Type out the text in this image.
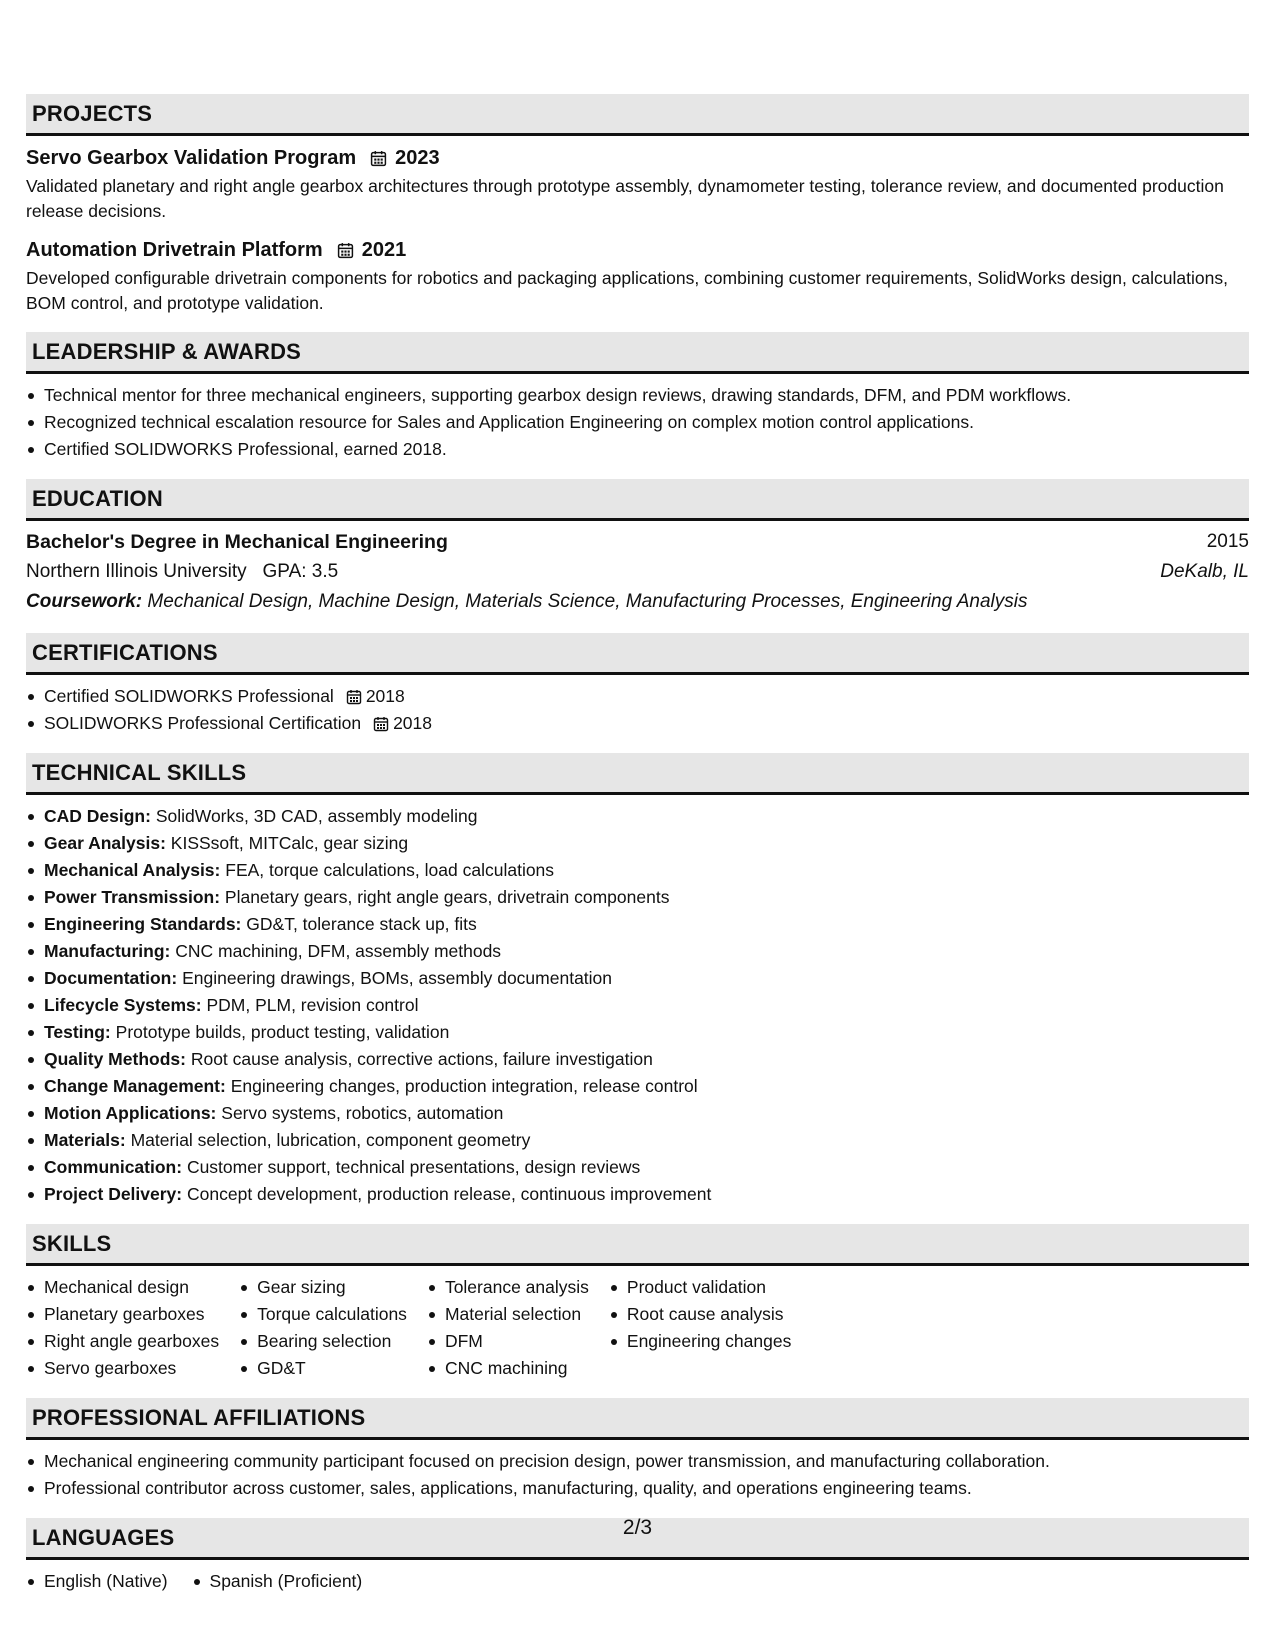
PROJECTS
Servo Gearbox Validation Program 2023
Validated planetary and right angle gearbox architectures through prototype assembly, dynamometer testing, tolerance review, and documented production release decisions.
Automation Drivetrain Platform 2021
Developed configurable drivetrain components for robotics and packaging applications, combining customer requirements, SolidWorks design, calculations, BOM control, and prototype validation.
LEADERSHIP & AWARDS
Technical mentor for three mechanical engineers, supporting gearbox design reviews, drawing standards, DFM, and PDM workflows.
Recognized technical escalation resource for Sales and Application Engineering on complex motion control applications.
Certified SOLIDWORKS Professional, earned 2018.
EDUCATION
Bachelor's Degree in Mechanical Engineering	2015
Northern Illinois University GPA: 3.5	DeKalb, IL
Coursework: Mechanical Design, Machine Design, Materials Science, Manufacturing Processes, Engineering Analysis
CERTIFICATIONS
Certified SOLIDWORKS Professional 2018
SOLIDWORKS Professional Certification 2018
TECHNICAL SKILLS
CAD Design: SolidWorks, 3D CAD, assembly modeling
Gear Analysis: KISSsoft, MITCalc, gear sizing
Mechanical Analysis: FEA, torque calculations, load calculations
Power Transmission: Planetary gears, right angle gears, drivetrain components
Engineering Standards: GD&T, tolerance stack up, fits
Manufacturing: CNC machining, DFM, assembly methods
Documentation: Engineering drawings, BOMs, assembly documentation
Lifecycle Systems: PDM, PLM, revision control
Testing: Prototype builds, product testing, validation
Quality Methods: Root cause analysis, corrective actions, failure investigation
Change Management: Engineering changes, production integration, release control
Motion Applications: Servo systems, robotics, automation
Materials: Material selection, lubrication, component geometry
Communication: Customer support, technical presentations, design reviews
Project Delivery: Concept development, production release, continuous improvement
SKILLS
Mechanical design
Planetary gearboxes
Right angle gearboxes
Servo gearboxes
Gear sizing
Torque calculations
Bearing selection
GD&T
Tolerance analysis
Material selection
DFM
CNC machining
Product validation
Root cause analysis
Engineering changes
PROFESSIONAL AFFILIATIONS
Mechanical engineering community participant focused on precision design, power transmission, and manufacturing collaboration.
Professional contributor across customer, sales, applications, manufacturing, quality, and operations engineering teams.
LANGUAGES
English (Native)	Spanish (Proficient)
2/3
